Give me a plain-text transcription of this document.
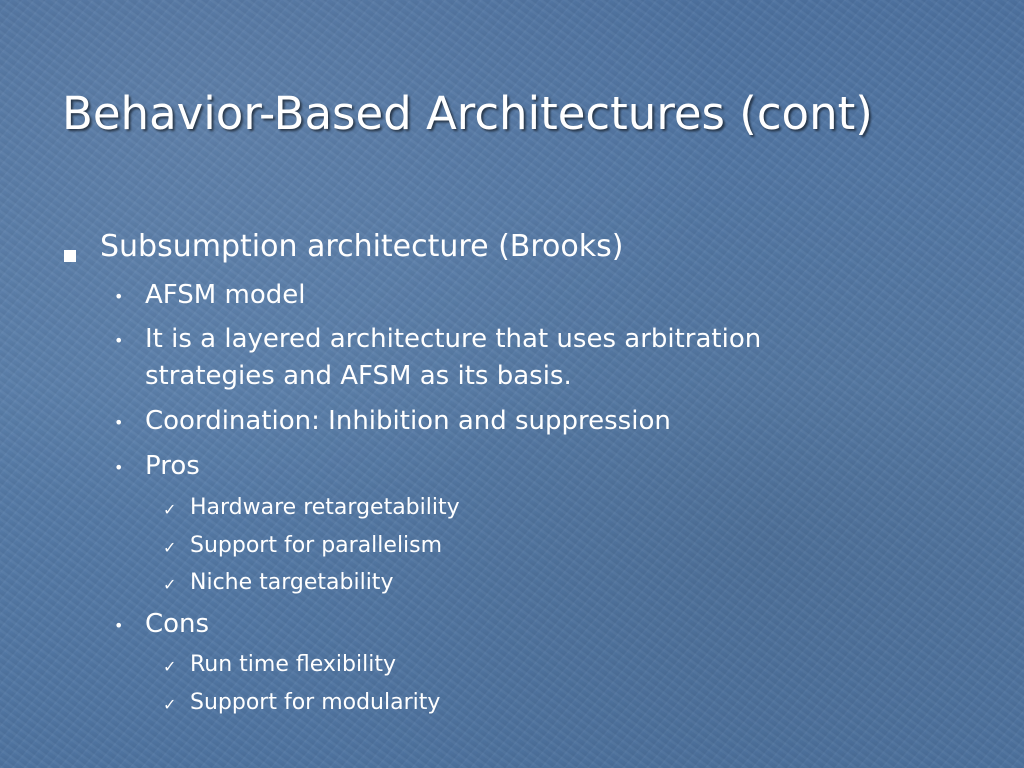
Behavior-Based Architectures (cont)
Subsumption architecture (Brooks)
• AFSM model
• It is a layered architecture that uses arbitration
strategies and AFSM as its basis.
• Coordination: Inhibition and suppression
• Pros
✓ Hardware retargetability
✓ Support for parallelism
✓ Niche targetability
• Cons
✓ Run time flexibility
✓ Support for modularity
